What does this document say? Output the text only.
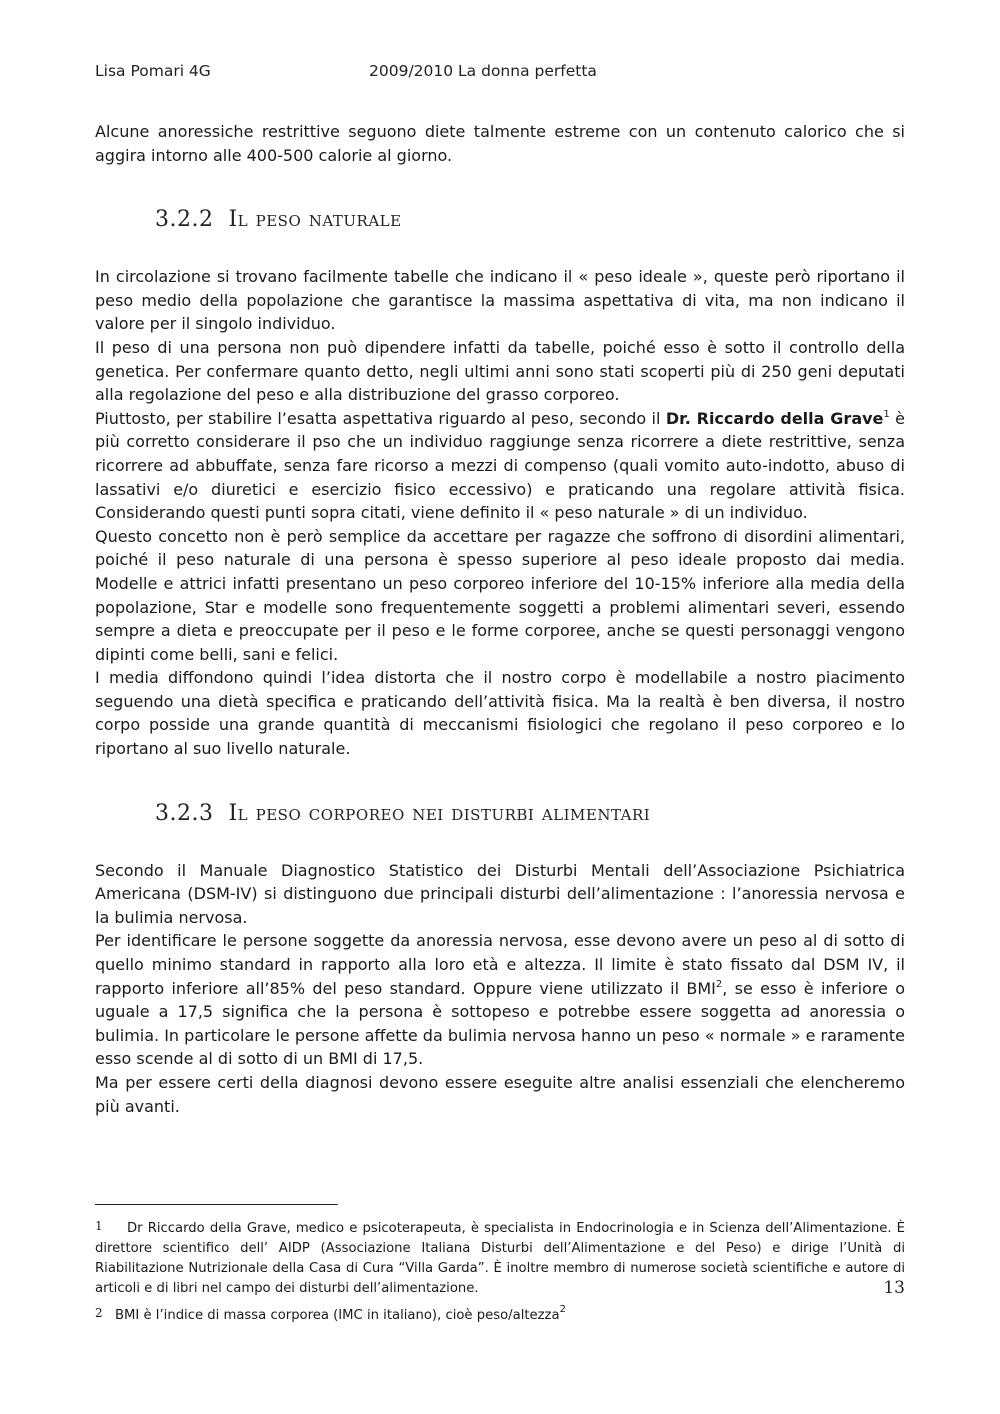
Lisa Pomari 4G	2009/2010 La donna perfetta

Alcune anoressiche restrittive seguono diete talmente estreme con un contenuto calorico che si aggira intorno alle 400-500 calorie al giorno.

3.2.2 Il peso naturale

In circolazione si trovano facilmente tabelle che indicano il « peso ideale », queste però riportano il peso medio della popolazione che garantisce la massima aspettativa di vita, ma non indicano il valore per il singolo individuo.

Il peso di una persona non può dipendere infatti da tabelle, poiché esso è sotto il controllo della genetica. Per confermare quanto detto, negli ultimi anni sono stati scoperti più di 250 geni deputati alla regolazione del peso e alla distribuzione del grasso corporeo.

Piuttosto, per stabilire l’esatta aspettativa riguardo al peso, secondo il Dr. Riccardo della Grave$^1$ è più corretto considerare il pso che un individuo raggiunge senza ricorrere a diete restrittive, senza ricorrere ad abbuffate, senza fare ricorso a mezzi di compenso (quali vomito auto-indotto, abuso di lassativi e/o diuretici e esercizio fisico eccessivo) e praticando una regolare attività fisica. Considerando questi punti sopra citati, viene definito il « peso naturale » di un individuo.

Questo concetto non è però semplice da accettare per ragazze che soffrono di disordini alimentari, poiché il peso naturale di una persona è spesso superiore al peso ideale proposto dai media. Modelle e attrici infatti presentano un peso corporeo inferiore del 10-15% inferiore alla media della popolazione, Star e modelle sono frequentemente soggetti a problemi alimentari severi, essendo sempre a dieta e preoccupate per il peso e le forme corporee, anche se questi personaggi vengono dipinti come belli, sani e felici.

I media diffondono quindi l’idea distorta che il nostro corpo è modellabile a nostro piacimento seguendo una dietà specifica e praticando dell’attività fisica. Ma la realtà è ben diversa, il nostro corpo posside una grande quantità di meccanismi fisiologici che regolano il peso corporeo e lo riportano al suo livello naturale.

3.2.3 Il peso corporeo nei disturbi alimentari

Secondo il Manuale Diagnostico Statistico dei Disturbi Mentali dell’Associazione Psichiatrica Americana (DSM-IV) si distinguono due principali disturbi dell’alimentazione : l’anoressia nervosa e la bulimia nervosa.

Per identificare le persone soggette da anoressia nervosa, esse devono avere un peso al di sotto di quello minimo standard in rapporto alla loro età e altezza. Il limite è stato fissato dal DSM IV, il rapporto inferiore all’85% del peso standard. Oppure viene utilizzato il BMI$^2$, se esso è inferiore o uguale a 17,5 significa che la persona è sottopeso e potrebbe essere soggetta ad anoressia o bulimia. In particolare le persone affette da bulimia nervosa hanno un peso « normale » e raramente esso scende al di sotto di un BMI di 17,5.

Ma per essere certi della diagnosi devono essere eseguite altre analisi essenziali che elencheremo più avanti.

1 Dr Riccardo della Grave, medico e psicoterapeuta, è specialista in Endocrinologia e in Scienza dell’Alimentazione. È direttore scientifico dell’ AIDP (Associazione Italiana Disturbi dell’Alimentazione e del Peso) e dirige l’Unità di Riabilitazione Nutrizionale della Casa di Cura “Villa Garda”. È inoltre membro di numerose società scientifiche e autore di articoli e di libri nel campo dei disturbi dell’alimentazione.

2 BMI è l’indice di massa corporea (IMC in italiano), cioè peso/altezza$^2$

13
